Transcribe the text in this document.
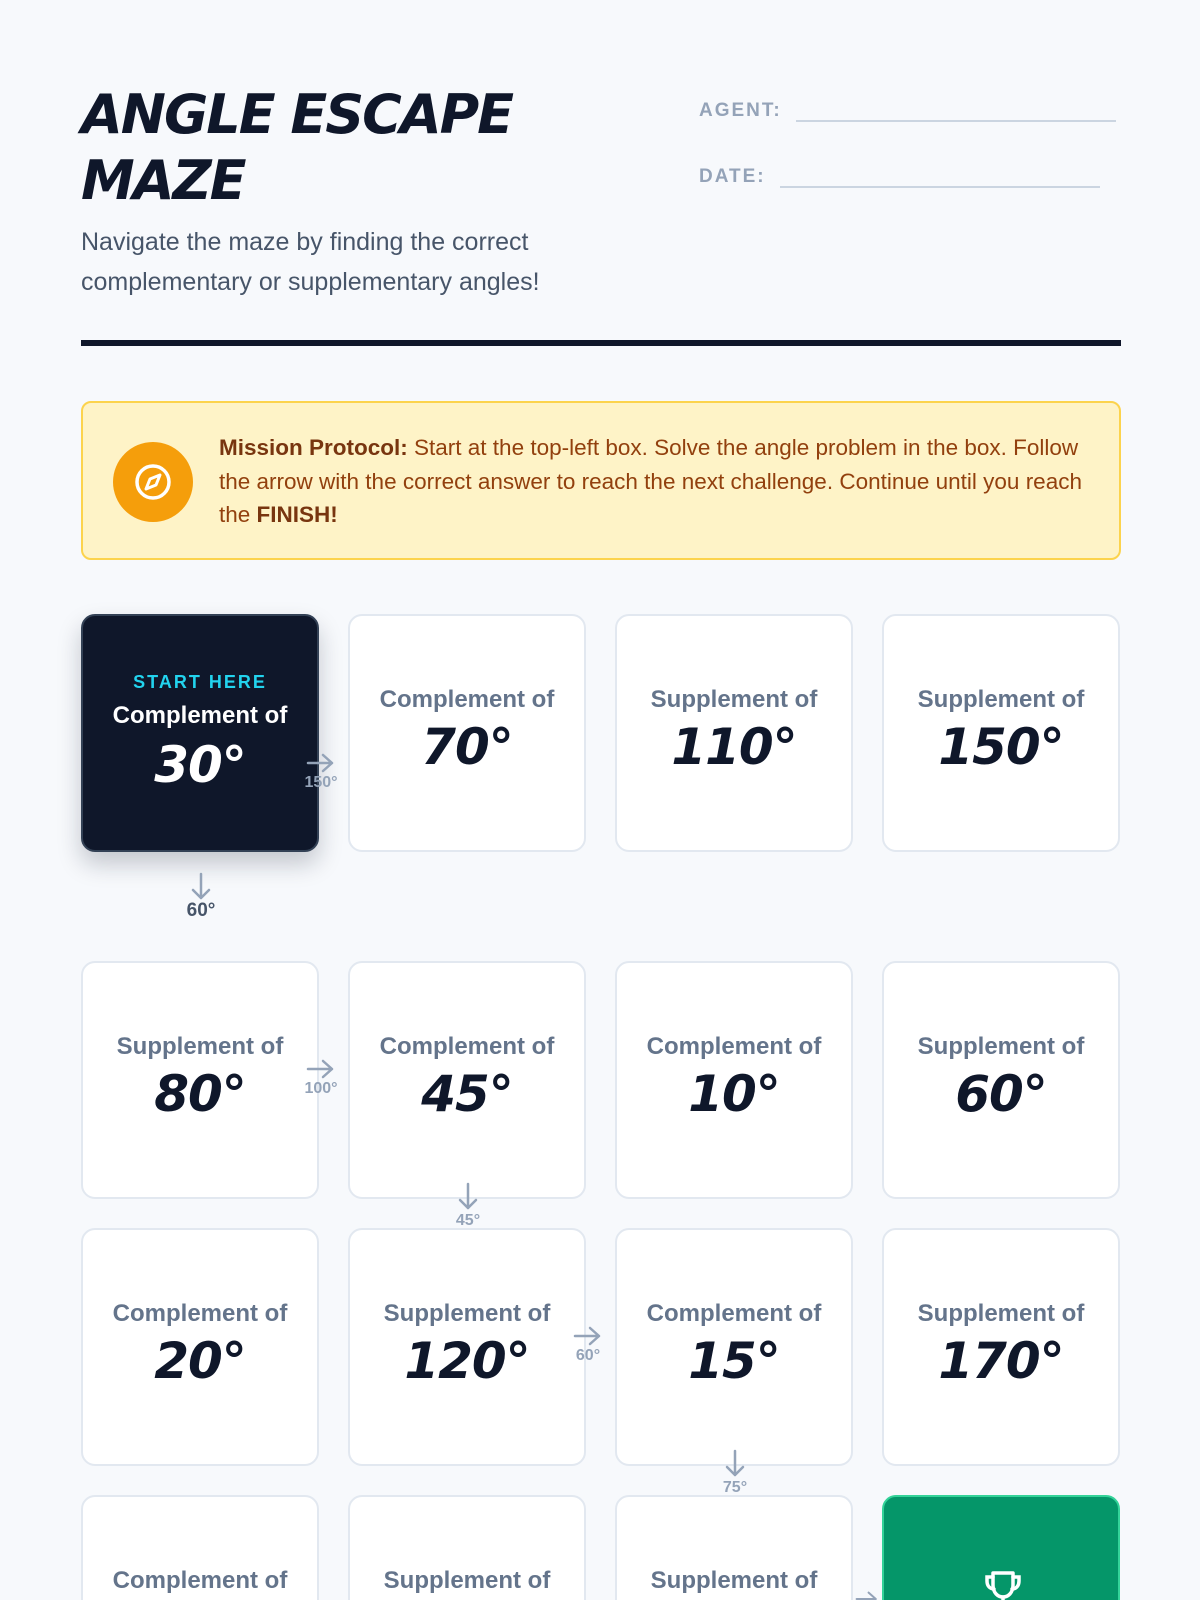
ANGLE ESCAPE
MAZE
Navigate the maze by finding the correct complementary or supplementary angles!
AGENT:
DATE:
Mission Protocol: Start at the top-left box. Solve the angle problem in the box. Follow the arrow with the correct answer to reach the next challenge. Continue until you reach the FINISH!
START HERE
Complement of
30°
Complement of
70°
Supplement of
110°
Supplement of
150°
Supplement of
80°
Complement of
45°
Complement of
10°
Supplement of
60°
Complement of
20°
Supplement of
120°
Complement of
15°
Supplement of
170°
Complement of	Supplement of	Supplement of
150°
60°
100°
45°
60°
75°
